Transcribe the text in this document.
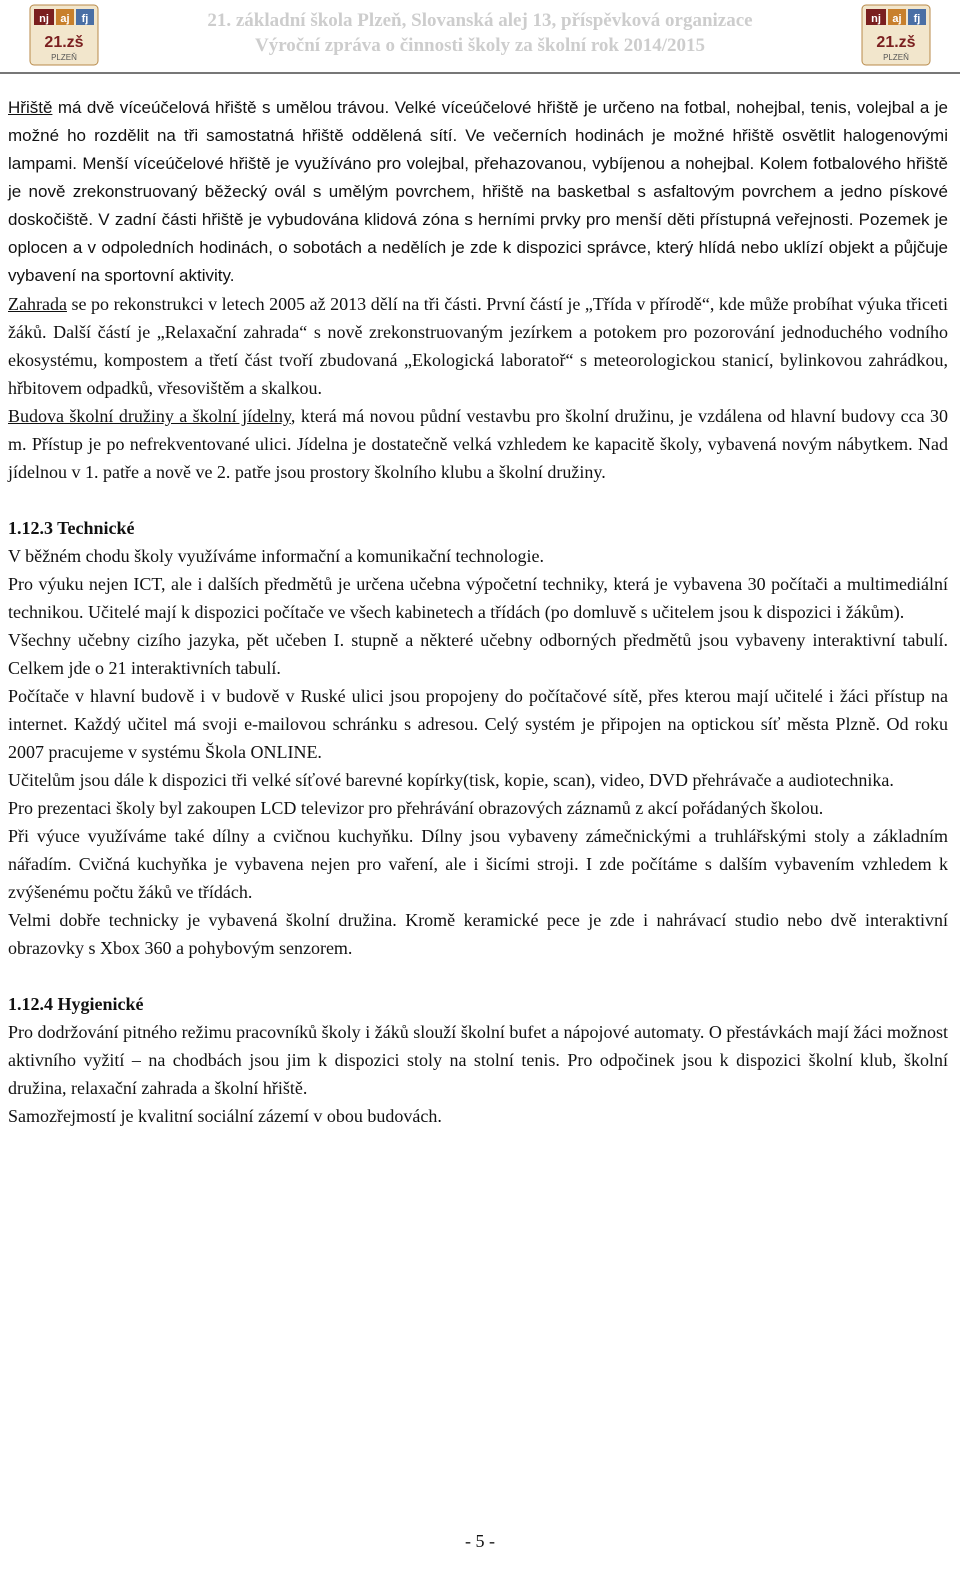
nj aj fj
21.zš
PLZEŇ
21. základní škola Plzeň, Slovanská alej 13, příspěvková organizace
Výroční zpráva o činnosti školy za školní rok 2014/2015
nj aj fj
21.zš
PLZEŇ

Hřiště má dvě víceúčelová hřiště s umělou trávou. Velké víceúčelové hřiště je určeno na fotbal, nohejbal, tenis, volejbal a je možné ho rozdělit na tři samostatná hřiště oddělená sítí. Ve večerních hodinách je možné hřiště osvětlit halogenovými lampami. Menší víceúčelové hřiště je využíváno pro volejbal, přehazovanou, vybíjenou a nohejbal. Kolem fotbalového hřiště je nově zrekonstruovaný běžecký ovál s umělým povrchem, hřiště na basketbal s asfaltovým povrchem a jedno pískové doskočiště. V zadní části hřiště je vybudována klidová zóna s herními prvky pro menší děti přístupná veřejnosti. Pozemek je oplocen a v odpoledních hodinách, o sobotách a nedělích je zde k dispozici správce, který hlídá nebo uklízí objekt a půjčuje vybavení na sportovní aktivity.

Zahrada se po rekonstrukci v letech 2005 až 2013 dělí na tři části. První částí je „Třída v přírodě“, kde může probíhat výuka třiceti žáků. Další částí je „Relaxační zahrada“ s nově zrekonstruovaným jezírkem a potokem pro pozorování jednoduchého vodního ekosystému, kompostem a třetí část tvoří zbudovaná „Ekologická laboratoř“ s meteorologickou stanicí, bylinkovou zahrádkou, hřbitovem odpadků, vřesovištěm a skalkou.

Budova školní družiny a školní jídelny, která má novou půdní vestavbu pro školní družinu, je vzdálena od hlavní budovy cca 30 m. Přístup je po nefrekventované ulici. Jídelna je dostatečně velká vzhledem ke kapacitě školy, vybavená novým nábytkem. Nad jídelnou v 1. patře a nově ve 2. patře jsou prostory školního klubu a školní družiny.

1.12.3 Technické

V běžném chodu školy využíváme informační a komunikační technologie.

Pro výuku nejen ICT, ale i dalších předmětů je určena učebna výpočetní techniky, která je vybavena 30 počítači a multimediální technikou. Učitelé mají k dispozici počítače ve všech kabinetech a třídách (po domluvě s učitelem jsou k dispozici i žákům).

Všechny učebny cizího jazyka, pět učeben I. stupně a některé učebny odborných předmětů jsou vybaveny interaktivní tabulí. Celkem jde o 21 interaktivních tabulí.

Počítače v hlavní budově i v budově v Ruské ulici jsou propojeny do počítačové sítě, přes kterou mají učitelé i žáci přístup na internet. Každý učitel má svoji e-mailovou schránku s adresou. Celý systém je připojen na optickou síť města Plzně. Od roku 2007 pracujeme v systému Škola ONLINE.

Učitelům jsou dále k dispozici tři velké síťové barevné kopírky(tisk, kopie, scan), video, DVD přehrávače a audiotechnika.

Pro prezentaci školy byl zakoupen LCD televizor pro přehrávání obrazových záznamů z akcí pořádaných školou.

Při výuce využíváme také dílny a cvičnou kuchyňku. Dílny jsou vybaveny zámečnickými a truhlářskými stoly a základním nářadím. Cvičná kuchyňka je vybavena nejen pro vaření, ale i šicími stroji. I zde počítáme s dalším vybavením vzhledem k zvýšenému počtu žáků ve třídách.

Velmi dobře technicky je vybavená školní družina. Kromě keramické pece je zde i nahrávací studio nebo dvě interaktivní obrazovky s Xbox 360 a pohybovým senzorem.

1.12.4 Hygienické

Pro dodržování pitného režimu pracovníků školy i žáků slouží školní bufet a nápojové automaty. O přestávkách mají žáci možnost aktivního vyžití – na chodbách jsou jim k dispozici stoly na stolní tenis. Pro odpočinek jsou k dispozici školní klub, školní družina, relaxační zahrada a školní hřiště.

Samozřejmostí je kvalitní sociální zázemí v obou budovách.

- 5 -
